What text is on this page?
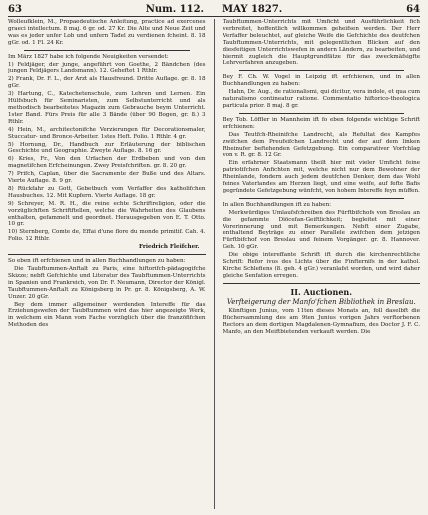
63	Num. 112. MAY 1827.	64

Wolleufklein, M., Propaedeutische Anleitung, practice ad exercenes graeci intellectum. 8 maj. 6 gr. od. 27 Kr. Die Alte und Neue Zeit und was es jeder unfer Lob und unfern Tadel zu verdienen fcheint. 8. 18 gGr. od. 1 Fl. 24 Kr.

Im März 1827 habe ich folgende Neuigkeiten versendet:

1) Feldjäger, der junge, angeführt von Goethe, 2 Bändchen (des jungen Feldjägers Landsmann). 12. Geheftet 1 Rthlr.

2) Frank, Dr. F. L., der Arzt als Hausfreund. Dritte Auflage. gr. 8. 18 gGr.

3) Hartung, C., Katechetenschule, zum Lehren und Lernen. Ein Hülfsbuch für Seminaristen, zum Selbstunterricht und als methodisch bearbeitetes Magazin zum Gebrauche beym Unterricht. 1ster Band. Fürs Preis für alle 3 Bände (über 90 Bogen, gr. 8.) 3 Rthlr.

4) Hein, M., architectonifche Verzierungen für Decorationsmaler, Stuccatur- und Bronce-Arbeiter. 1stes Heft. Folio. 1 Rthlr. 4 gr.

5) Hornung, Dr., Handbuch zur Erläuterung der biblischen Geschichte und Geographie. Zweyte Auflage. 8. 16 gr.

6) Kries, Fr., Von den Urfachen der Erdbeben und von den magnetifchen Erfcheinungen. Zwey Preisfchriften. gr. 8. 20 gr.

7) Prifch, Caplan, über die Sacramente der Buße und des Altars. Vierte Auflage. 8. 9 gr.

8) Rückfahr zu Gott, Gebetbuch vom Verfaffer des katholifchen Hausbuches. 12. Mit Kupfern. Vierte Auflage. 18 gr.

9) Schreyer, M. R. H., die reine echte Schriftreligion, oder die vorzüglichften Schriftftellen, welche die Wahrheiten des Glaubens enthalten, gefammelt und geordnet. Herausgegeben von E. T. Otto. 10 gr.

10) Sternberg, Comte de, Effai d'une flore du monde primitif. Cah. 4. Folio. 12 Rthlr.

Friedrich Fleifcher.

So eben ift erfchienen und in allen Buchhandlungen zu haben:

Die Taubftummen-Anftalt zu Paris, eine hiftorifch-pädagogifche Skizze; nebft Gefchichte und Literatur des Taubftummen-Unterrichts in Spanien und Frankreich, von Dr. F. Neumann, Director der Königl. Taubftummen-Anftalt zu Königsberg in Pr. gr. 8. Königsberg, A. W. Unzer. 20 gGr.

Bey dem immer allgemeiner werdenden Intereffe für das Erziehungswefen der Taubftummen wird das hier angezeigte Werk, in welchem ein Mann vom Fache vorzüglich über die franzöfifchen Methoden des

Taubftummen-Unterrichts mit Umficht und Ausführlichkeit fich verbreitet, hoffentlich willkommen geheifsen werden. Der Herr Verfaffer beleuchtet, auf gleiche Weife die Gefchichte des deutfchen Taubftummen-Unterrichts, mit gelegentlichen Blicken auf den diesfeitigen Unterrichtswefen in andern Ländern, zu bearbeiten, und hiermit zugleich die Hauptgrundfätze für das zweckmäfsigfte Lehrverfahren anzugeben.

Bey F. Ch. W. Vogel in Leipzig ift erfchienen, und in allen Buchhandlungen zu haben:

Hahn, Dr. Aug., de rationalismi, qui dicitur, vera indole, et qua cum naturalismo contineatur ratione. Commentatio hiftorico-theologica particula prior. 8 maj. 8 gr.

Bey Tob. Löffler in Mannheim ift fo eben folgende wichtige Schrift erfchienen:

Das Teutfch-Rheinifche Landrecht, als Refultat des Kampfes zwifchen dem Preufsifchen Landrecht und der auf dem linken Rheinufer beftehenden Gefetzgebung. Ein comparativer Vorfchlag von v. R. gr. 8. 12 Gr.

Ein erfahrner Staatsmann theilt hier mit vieler Umficht feine patriotifchen Anfichten mit, welche nicht nur dem Bewohner der Rheinlande, fondern auch jedem deutfchen Denker, dem das Wohl feines Vaterlandes am Herzen liegt, und eine weife, auf fefte Bafis gegründete Gefetzgebung wünfcht, von hohem Intereffe feyn müffen.

In allen Buchhandlungen ift zu haben:

Merkwürdiges Umlaufsfchreiben des Fürftbifchofs von Breslau an die gefammte Diöcefan-Geiftlichkeit; begleitet mit einer Vorerinnerung und mit Bemerkungen. Nebft einer Zugabe, enthaltend Beyträge zu einer Parallele zwifchen dem jetzigen Fürftbifchof von Breslau und feinem Vorgänger. gr. 8. Hannover. Geh. 10 gGr.

Die obige intereffante Schrift ift durch die kirchenrechtliche Schrift: Refor ivus des Lichts über die Finfternifs in der kathol. Kirche Schlefiens (8. geh. 4 gGr.) veranlafst worden, und wird daher gleiche Senfation erregen.

II. Auctionen.
Verfteigerung der Manfo'fchen Bibliothek in Breslau.

Künftigen Junius, vom 11ten dieses Monats an, foll daselbft die Büchersammlung des am 9ten Junius vorigen Jahrs verftorbenen Rectors an dem dortigen Magdalenen-Gymnafium, des Doctor J. F. C. Manfo, an den Meiftbietenden verkauft werden. Die
